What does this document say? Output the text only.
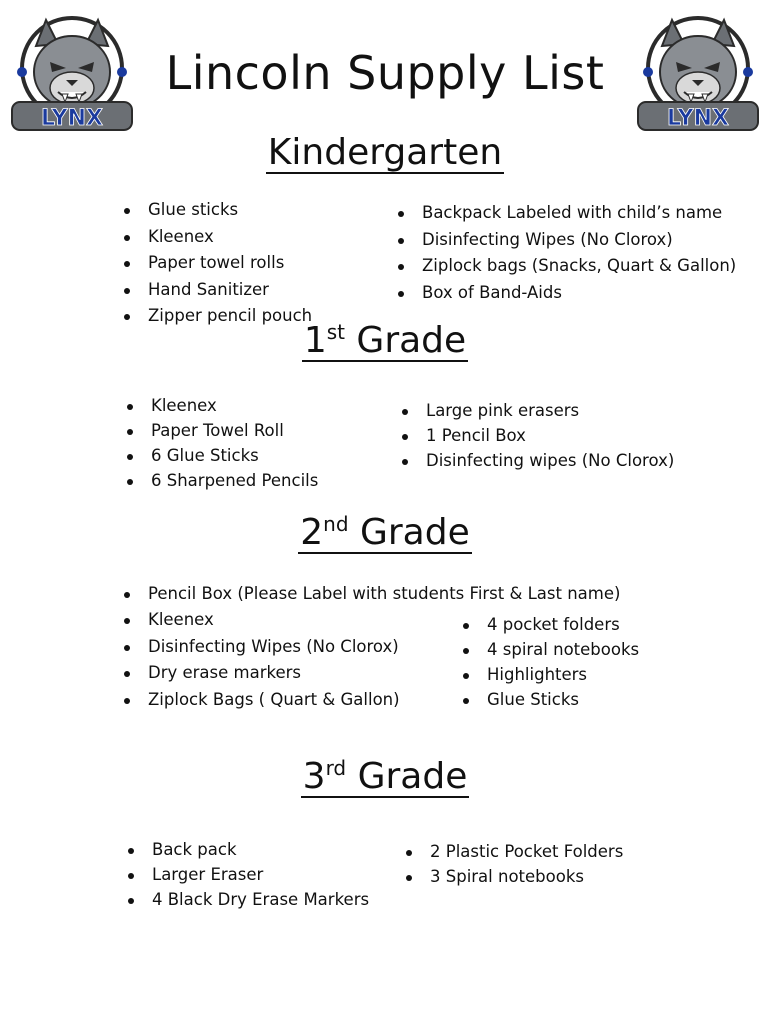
LYNX	LYNX
Lincoln Supply List
Kindergarten
Glue sticks
Kleenex
Paper towel rolls
Hand Sanitizer
Zipper pencil pouch
Backpack Labeled with child’s name
Disinfecting Wipes (No Clorox)
Ziplock bags (Snacks, Quart & Gallon)
Box of Band-Aids
1st Grade
Kleenex
Paper Towel Roll
6 Glue Sticks
6 Sharpened Pencils
Large pink erasers
1 Pencil Box
Disinfecting wipes (No Clorox)
2nd Grade
Pencil Box (Please Label with students First & Last name)
Kleenex
Disinfecting Wipes (No Clorox)
Dry erase markers
Ziplock Bags ( Quart & Gallon)
4 pocket folders
4 spiral notebooks
Highlighters
Glue Sticks
3rd Grade
Back pack
Larger Eraser
4 Black Dry Erase Markers
2 Plastic Pocket Folders
3 Spiral notebooks
